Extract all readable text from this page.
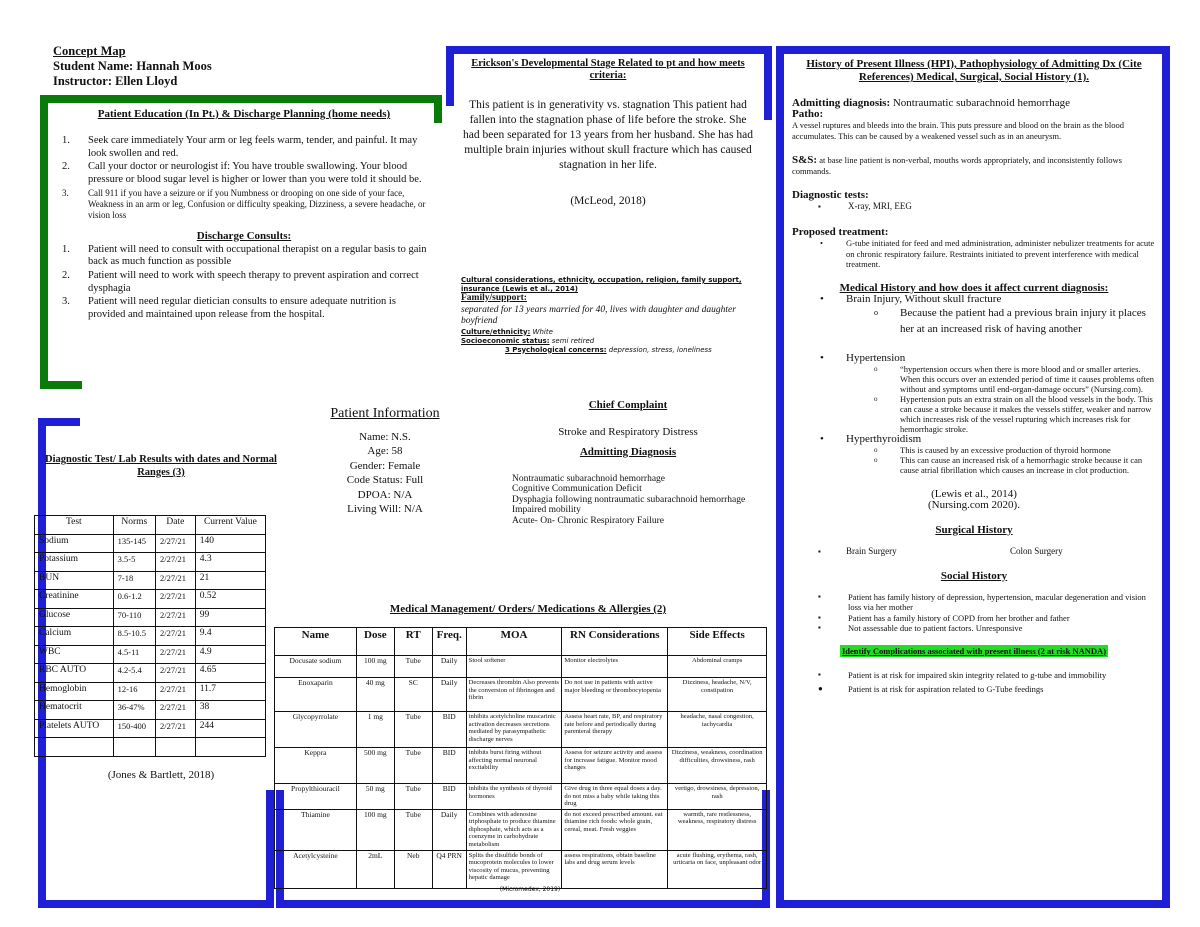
Concept Map
Student Name: Hannah Moos
Instructor: Ellen Lloyd
Patient Education (In Pt.) & Discharge Planning (home needs)
1. Seek care immediately Your arm or leg feels warm, tender, and painful. It may look swollen and red.
2. Call your doctor or neurologist if: You have trouble swallowing. Your blood pressure or blood sugar level is higher or lower than you were told it should be.
3. Call 911 if you have a seizure or if you Numbness or drooping on one side of your face, Weakness in an arm or leg, Confusion or difficulty speaking, Dizziness, a severe headache, or vision loss
Discharge Consults:
1. Patient will need to consult with occupational therapist on a regular basis to gain back as much function as possible
2. Patient will need to work with speech therapy to prevent aspiration and correct dysphagia
3. Patient will need regular dietician consults to ensure adequate nutrition is provided and maintained upon release from the hospital.
Erickson's Developmental Stage Related to pt and how meets criteria:
This patient is in generativity vs. stagnation This patient had fallen into the stagnation phase of life before the stroke. She had been separated for 13 years from her husband. She has had multiple brain injuries without skull fracture which has caused stagnation in her life.
(McLeod, 2018)
Cultural considerations, ethnicity, occupation, religion, family support, insurance (Lewis et al., 2014)
Family/support:
separated for 13 years married for 40, lives with daughter and daughter boyfriend
Culture/ethnicity: White
Socioeconomic status: semi retired
3 Psychological concerns: depression, stress, loneliness
History of Present Illness (HPI), Pathophysiology of Admitting Dx (Cite References) Medical, Surgical, Social History (1).
Admitting diagnosis: Nontraumatic subarachnoid hemorrhage
Patho:
A vessel ruptures and bleeds into the brain. This puts pressure and blood on the brain as the blood accumulates. This can be caused by a weakened vessel such as in an aneurysm.
S&S: at base line patient is non-verbal, mouths words appropriately, and inconsistently follows commands.
Diagnostic tests:
▪	X-ray, MRI, EEG
Proposed treatment:
•	G-tube initiated for feed and med administration, administer nebulizer treatments for acute on chronic respiratory failure. Restraints initiated to prevent interference with medical treatment.
Medical History and how does it affect current diagnosis:
• Brain Injury, Without skull fracture
o Because the patient had a previous brain injury it places her at an increased risk of having another
• Hypertension
o	“hypertension occurs when there is more blood and or smaller arteries. When this occurs over an extended period of time it causes problems often without and symptoms until end-organ-damage occurs” (Nursing.com).
o	Hypertension puts an extra strain on all the blood vessels in the body. This can cause a stroke because it makes the vessels stiffer, weaker and narrow which increases risk of the vessel rupturing which increases risk for hemorrhagic stroke.
• Hyperthyroidism
o	This is caused by an excessive production of thyroid hormone
o	This can cause an increased risk of a hemorrhagic stroke because it can cause atrial fibrillation which causes an increase in clot production.
(Lewis et al., 2014)
(Nursing.com 2020).
Surgical History
▪	Brain Surgery	Colon Surgery
Social History
▪	Patient has family history of depression, hypertension, macular degeneration and vision loss via her mother
▪	Patient has a family history of COPD from her brother and father
▪	Not assessable due to patient factors. Unresponsive
Identify Complications associated with present illness (2 at risk NANDA)
▪	Patient is at risk for impaired skin integrity related to g-tube and immobility
●	Patient is at risk for aspiration related to G-Tube feedings
Diagnostic Test/ Lab Results with dates and Normal Ranges (3)
Test	Norms	Date	Current Value
Sodium	135-145	2/27/21	140
Potassium	3.5-5	2/27/21	4.3
BUN	7-18	2/27/21	21
Creatinine	0.6-1.2	2/27/21	0.52
Glucose	70-110	2/27/21	99
Calcium	8.5-10.5	2/27/21	9.4
WBC	4.5-11	2/27/21	4.9
RBC AUTO	4.2-5.4	2/27/21	4.65
Hemoglobin	12-16	2/27/21	11.7
Hematocrit	36-47%	2/27/21	38
Platelets AUTO	150-400	2/27/21	244

(Jones & Bartlett, 2018)
Patient Information
Name: N.S.
Age: 58
Gender: Female
Code Status: Full
DPOA: N/A
Living Will: N/A
Chief Complaint
Stroke and Respiratory Distress
Admitting Diagnosis
Nontraumatic subarachnoid hemorrhage
Cognitive Communication Deficit
Dysphagia following nontraumatic subarachnoid hemorrhage
Impaired mobility
Acute- On- Chronic Respiratory Failure
Medical Management/ Orders/ Medications & Allergies (2)
Name	Dose	RT	Freq.	MOA	RN Considerations	Side Effects
Docusate sodium	100 mg	Tube	Daily	Stool softener	Monitor electrolytes	Abdominal cramps
Enoxaparin	40 mg	SC	Daily	Decreases thrombin Also prevents the conversion of fibrinogen and fibrin	Do not use in patients with active major bleeding or thrombocytopenia	Dizziness, headache, N/V, constipation
Glycopyrrolate	1 mg	Tube	BID	inhibits acetylcholine muscarinic activation decreases secretions mediated by parasympathetic discharge nerves	Assess heart rate, BP, and respiratory rate before and periodically during parenteral therapy	headache, nasal congestion, tachycardia
Keppra	500 mg	Tube	BID	inhibits burst firing without affecting normal neuronal excitability	Assess for seizure activity and assess for increase fatigue. Monitor mood changes	Dizziness, weakness, coordination difficulties, drowsiness, rash
Propylthiouracil	50 mg	Tube	BID	inhibits the synthesis of thyroid hormones	Give drug in three equal doses a day. do not miss a baby while taking this drug	vertigo, drowsiness, depression, rash
Thiamine	100 mg	Tube	Daily	Combines with adenosine triphosphate to produce thiamine diphosphate, which acts as a coenzyme in carbohydrate metabolism	do not exceed prescribed amount. eat thiamine rich foods: whole grain, cereal, meat. Fresh veggies	warmth, rare restlessness, weakness, respiratory distress
Acetylcysteine	2mL	Neb	Q4 PRN	Splits the disulfide bonds of mucoprotein molecules to lower viscosity of mucus, preventing hepatic damage	assess respirations, obtain baseline labs and drug serum levels	acute flushing, erythema, rash, urticaria on face, unpleasant odor
(Micromedex, 2019)
